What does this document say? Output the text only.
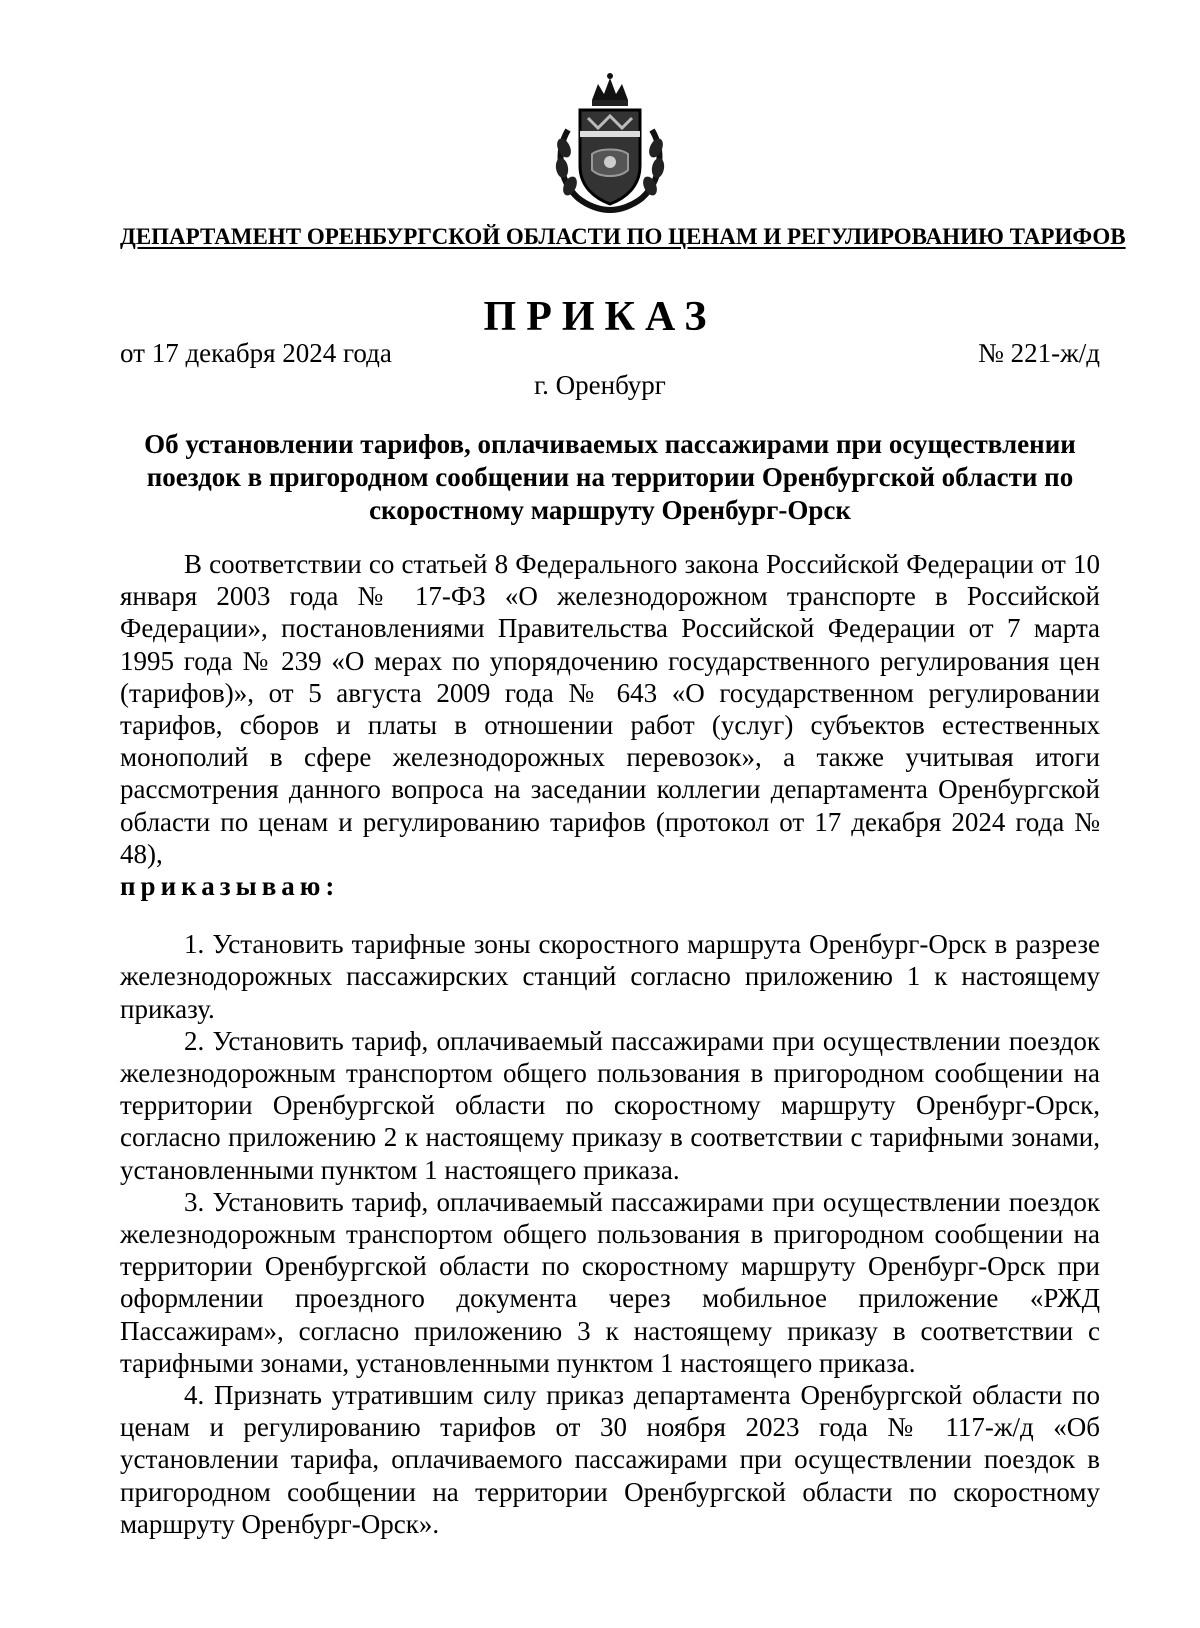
ДЕПАРТАМЕНТ ОРЕНБУРГСКОЙ ОБЛАСТИ ПО ЦЕНАМ И РЕГУЛИРОВАНИЮ ТАРИФОВ
ПРИКАЗ
от 17 декабря 2024 года	№ 221-ж/д
г. Оренбург
Об установлении тарифов, оплачиваемых пассажирами при осуществлении
поездок в пригородном сообщении на территории Оренбургской области по
скоростному маршруту Оренбург-Орск

В соответствии со статьей 8 Федерального закона Российской Федерации от 10 января 2003 года № 17-ФЗ «О железнодорожном транспорте в Российской Федерации», постановлениями Правительства Российской Федерации от 7 марта 1995 года № 239 «О мерах по упорядочению государственного регулирования цен (тарифов)», от 5 августа 2009 года № 643 «О государственном регулировании тарифов, сборов и платы в отношении работ (услуг) субъектов естественных монополий в сфере железнодорожных перевозок», а также учитывая итоги рассмотрения данного вопроса на заседании коллегии департамента Оренбургской области по ценам и регулированию тарифов (протокол от 17 декабря 2024 года № 48),

приказываю:

1. Установить тарифные зоны скоростного маршрута Оренбург-Орск в разрезе железнодорожных пассажирских станций согласно приложению 1 к настоящему приказу.

2. Установить тариф, оплачиваемый пассажирами при осуществлении поездок железнодорожным транспортом общего пользования в пригородном сообщении на территории Оренбургской области по скоростному маршруту Оренбург-Орск, согласно приложению 2 к настоящему приказу в соответствии с тарифными зонами, установленными пунктом 1 настоящего приказа.

3. Установить тариф, оплачиваемый пассажирами при осуществлении поездок железнодорожным транспортом общего пользования в пригородном сообщении на территории Оренбургской области по скоростному маршруту Оренбург-Орск при оформлении проездного документа через мобильное приложение «РЖД Пассажирам», согласно приложению 3 к настоящему приказу в соответствии с тарифными зонами, установленными пунктом 1 настоящего приказа.

4. Признать утратившим силу приказ департамента Оренбургской области по ценам и регулированию тарифов от 30 ноября 2023 года № 117-ж/д «Об установлении тарифа, оплачиваемого пассажирами при осуществлении поездок в пригородном сообщении на территории Оренбургской области по скоростному маршруту Оренбург-Орск».
